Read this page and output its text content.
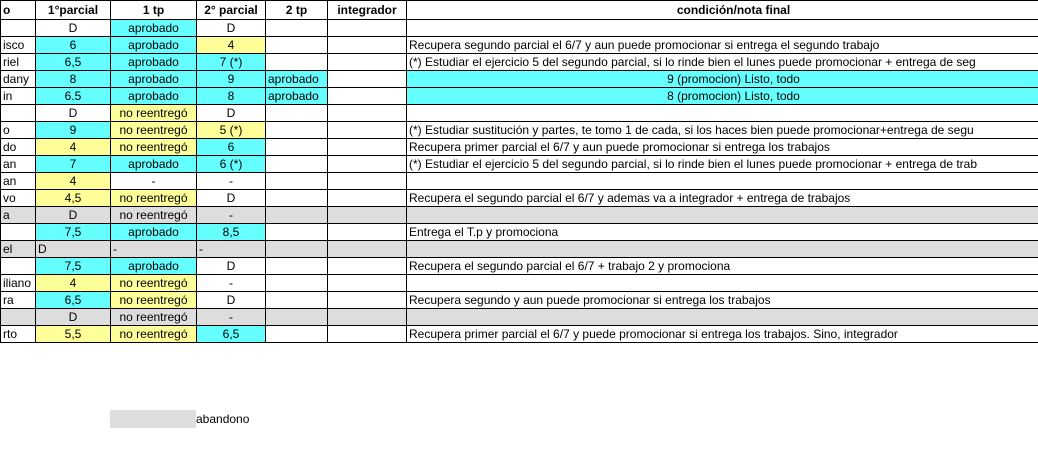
o	1°parcial	1 tp	2° parcial	2 tp	integrador	condición/nota final
	D	aprobado	D			
isco	6	aprobado	4			Recupera segundo parcial el 6/7 y aun puede promocionar si entrega el segundo trabajo
riel	6,5	aprobado	7 (*)			(*) Estudiar el ejercicio 5 del segundo parcial, si lo rinde bien el lunes puede promocionar + entrega de seg
dany	8	aprobado	9	aprobado		9 (promocion) Listo, todo
in	6.5	aprobado	8	aprobado		8 (promocion) Listo, todo
	D	no reentregó	D			
o	9	no reentregó	5 (*)			(*) Estudiar sustitución y partes, te tomo 1 de cada, si los haces bien puede promocionar+entrega de segu
do	4	no reentregó	6			Recupera primer parcial el 6/7 y aun puede promocionar si entrega los trabajos
an	7	aprobado	6 (*)			(*) Estudiar el ejercicio 5 del segundo parcial, si lo rinde bien el lunes puede promocionar + entrega de trab
an	4	-	-			
vo	4,5	no reentregó	D			Recupera el segundo parcial el 6/7 y ademas va a integrador + entrega de trabajos
a	D	no reentregó	-			
	7,5	aprobado	8,5			Entrega el T.p y promociona
el	D	-	-			
	7,5	aprobado	D			Recupera el segundo parcial el 6/7 + trabajo 2 y promociona
iliano	4	no reentregó	-			
ra	6,5	no reentregó	D			Recupera segundo y aun puede promocionar si entrega los trabajos
	D	no reentregó	-			
rto	5,5	no reentregó	6,5			Recupera primer parcial el 6/7 y puede promocionar si entrega los trabajos. Sino, integrador
abandono
